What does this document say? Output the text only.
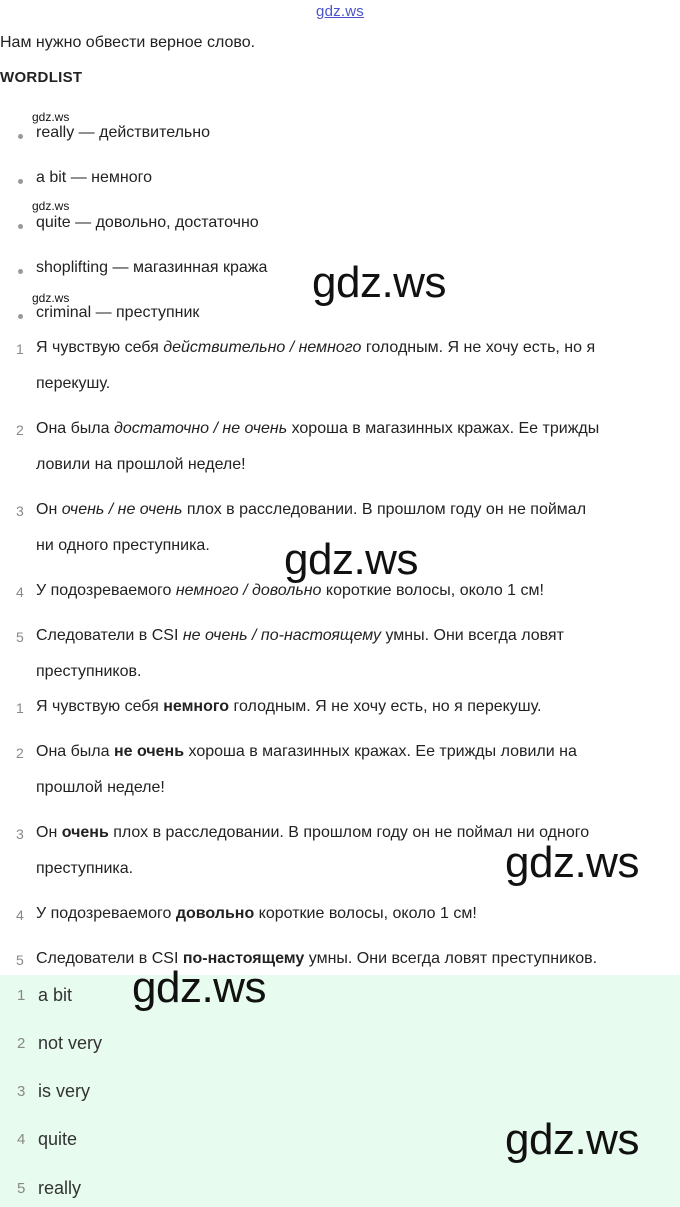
gdz.ws
Нам нужно обвести верное слово.
WORDLIST
gdz.ws
really — действительно
a bit — немного
gdz.ws
quite — довольно, достаточно
shoplifting — магазинная кража
gdz.ws
criminal — преступник
1 Я чувствую себя действительно / немного голодным. Я не хочу есть, но я
перекушу.
2 Она была достаточно / не очень хороша в магазинных кражах. Ее трижды
ловили на прошлой неделе!
3 Он очень / не очень плох в расследовании. В прошлом году он не поймал
ни одного преступника.
4 У подозреваемого немного / довольно короткие волосы, около 1 см!
5 Следователи в CSI не очень / по-настоящему умны. Они всегда ловят
преступников.
1 Я чувствую себя немного голодным. Я не хочу есть, но я перекушу.
2 Она была не очень хороша в магазинных кражах. Ее трижды ловили на
прошлой неделе!
3 Он очень плох в расследовании. В прошлом году он не поймал ни одного
преступника.
4 У подозреваемого довольно короткие волосы, около 1 см!
5 Следователи в CSI по-настоящему умны. Они всегда ловят преступников.
1 a bit
2 not very
3 is very
4 quite
5 really
gdz.ws
gdz.ws
gdz.ws
gdz.ws
gdz.ws
